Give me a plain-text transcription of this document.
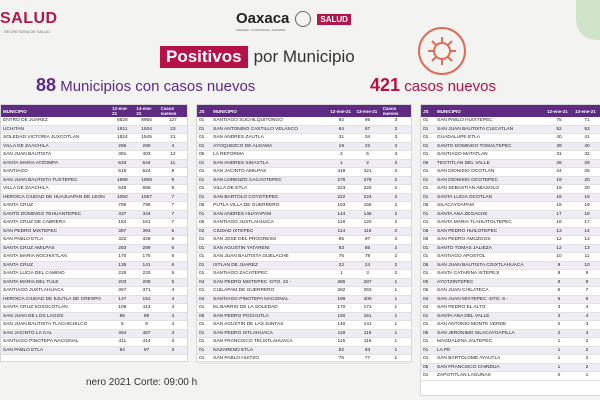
SALUD
SECRETARÍA DE SALUD
Oaxaca
CRECER • CONSTRUIR • AVANZAR
SALUD
Positivos por Municipio
88 Municipios con casos nuevos	421 casos nuevos
MUNICIPIO	12-ene-21	13-ene-21	Casos nuevos
ENTRO DE JUAREZ	8828	8955	127
UCHITAN	1911	1934	23
SOLEDAD VICTORIA JUXCOTLAN	1524	1545	21
VILLA DE ZAACHILA	286	290	4
SAN JUAN BAUTISTA	391	403	12
SANTA MARIA ATZOMPA	633	644	11
SANTIAGO	515	524	9
SAN JUAN BAUTISTA TUXTEPEC	1599	1608	9
VILLA DE ZAACHILA	648	656	8
HEROICA CIUDAD DE HUAJUAPAN DE LEON	1050	1057	7
SANTA CRUZ	789	796	7
SANTO DOMINGO TEHUANTEPEC	337	344	7
SANTA CRUZ DE CABRERA	154	161	7
SAN PEDRO MIXTEPEC	387	393	6
SAN PABLO ETLA	322	328	6
SANTA CRUZ AMILPAS	283	289	6
SANTA MARIA NOCHIXTLAN	170	176	6
SANTA CRUZ	135	141	6
SANTA LUCIA DEL CAMINO	228	233	5
SANTA MARIA DEL TULE	203	208	5
SANTIAGO JUXTLAHUACA	367	371	4
HEROICA CIUDAD DE EJUTLA DE CRESPO	147	151	4
SANTA CRUZ XOXOCOTLAN	109	113	4
SAN JUAN DE LOS LAGOS	85	89	4
SAN JUAN BAUTISTA TLACHICHILCO	5	9	4
SAN JACINTO LA CAL	464	467	3
SANTIAGO PINOTEPA NACIONAL	411	414	3
SAN PABLO ETLA	94	97	3
JS	MUNICIPIO	12-ene-21	13-ene-21	Casos nuevos
01	SANTIAGO SUCHILQUITONGO	92	95	3
01	SAN ANTONINO CASTILLO VELASCO	64	67	3
01	SAN ANDRES ZAUTLA	31	34	3
01	AYOQUEZCO DE ALDAMA	19	22	3
05	LA REFORMA	2	5	3
01	SAN ANDRES SINAXTLA	1	2	3
01	SAN JACINTO AMILPAS	419	421	2
01	SAN LORENZO CACAOTEPEC	276	278	2
01	VILLA DE ETLA	223	225	2
01	SAN BARTOLO COYOTEPEC	222	224	2
05	PUTLA VILLA DE GUERRERO	153	155	2
01	SAN ANDRES HUAYAPAM	144	146	2
05	SANTIAGO JUXTLAHUACA	118	120	2
02	CIUDAD IXTEPEC	114	116	2
01	SAN JOSE DEL PROGRESO	95	97	2
01	SAN AGUSTIN YATARENI	83	85	2
01	SAN JUAN BAUTISTA GUELACHE	76	78	2
01	IXTLAN DE JUAREZ	22	24	2
01	SANTIAGO ZACATEPEC	1	3	2
04	SAN PEDRO MIXTEPEC -DTO. 22 -	286	287	1
01	CUILAPAM DE GUERRERO	262	263	1
04	SANTIAGO PINOTEPA NACIONAL	199	200	1
01	EL BARRIO DE LA SOLEDAD	170	171	1
06	SAN PEDRO POCHUTLA	150	151	1
01	SAN AGUSTIN DE LAS JUNTAS	140	141	1
01	SAN PEDRO IXTLAHUACA	118	119	1
01	SAN FRANCISCO TELIXTLAHUACA	115	116	1
01	NAZARENO ETLA	82	83	1
01	SAN PABLO HUITZO	76	77	1
JS	MUNICIPIO	12-ene-21	13-ene-21
01	SAN PABLO HUIXTEPEC	75	71
01	SAN JUAN BAUTISTA CUICATLAN	52	53
01	GUADALUPE ETLA	40	41
01	SANTO DOMINGO TOMALTEPEC	39	40
01	SANTIAGO MATATLAN	31	32
06	TEOTITLAN DEL VALLE	28	29
01	SAN DIONISIO OCOTLAN	24	25
01	SAN DIONISIO OCOTEPEC	19	20
01	SAN SEBASTIAN ABASOLO	19	20
01	SANTA LUCIA OCOTLAN	18	19
05	SILACAYOAPAM	18	19
01	SANTA ANA ZEGACHE	17	18
01	SANTA MARIA TLAHUITOLTEPEC	16	17
06	SAN PEDRO HUILOTEPEC	13	14
06	SAN PEDRO AMUZGOS	12	13
01	SANTO TOMAS JALIEZA	12	13
01	SANTIAGO APOSTOL	10	11
05	SAN JUAN BAUTISTA COIXTLAHUACA	9	10
01	SANTA CATARINA IXTEPEJI	8	9
05	AYOTZINTEPEC	8	9
05	SAN JUAN CHILATECA	6	7
04	SAN JUAN MIXTEPEC -DTO. 8 -	5	6
04	SAN PEDRO EL ALTO	3	4
01	SANTA ANA DEL VALLE	3	4
01	SAN ANTONIO MONTE VERDE	2	3
05	SAN JERONIMO SILACAYOAPILLA	2	3
01	MAGDALENA JALTEPEC	1	2
01	LA PE	1	2
01	SAN BARTOLOME AYAUTLA	1	2
05	SAN FRANCISCO CHINDUA	1	2
01	ZAPOTITLAN LAGUNAS	0	1
nero 2021 Corte: 09:00 h
